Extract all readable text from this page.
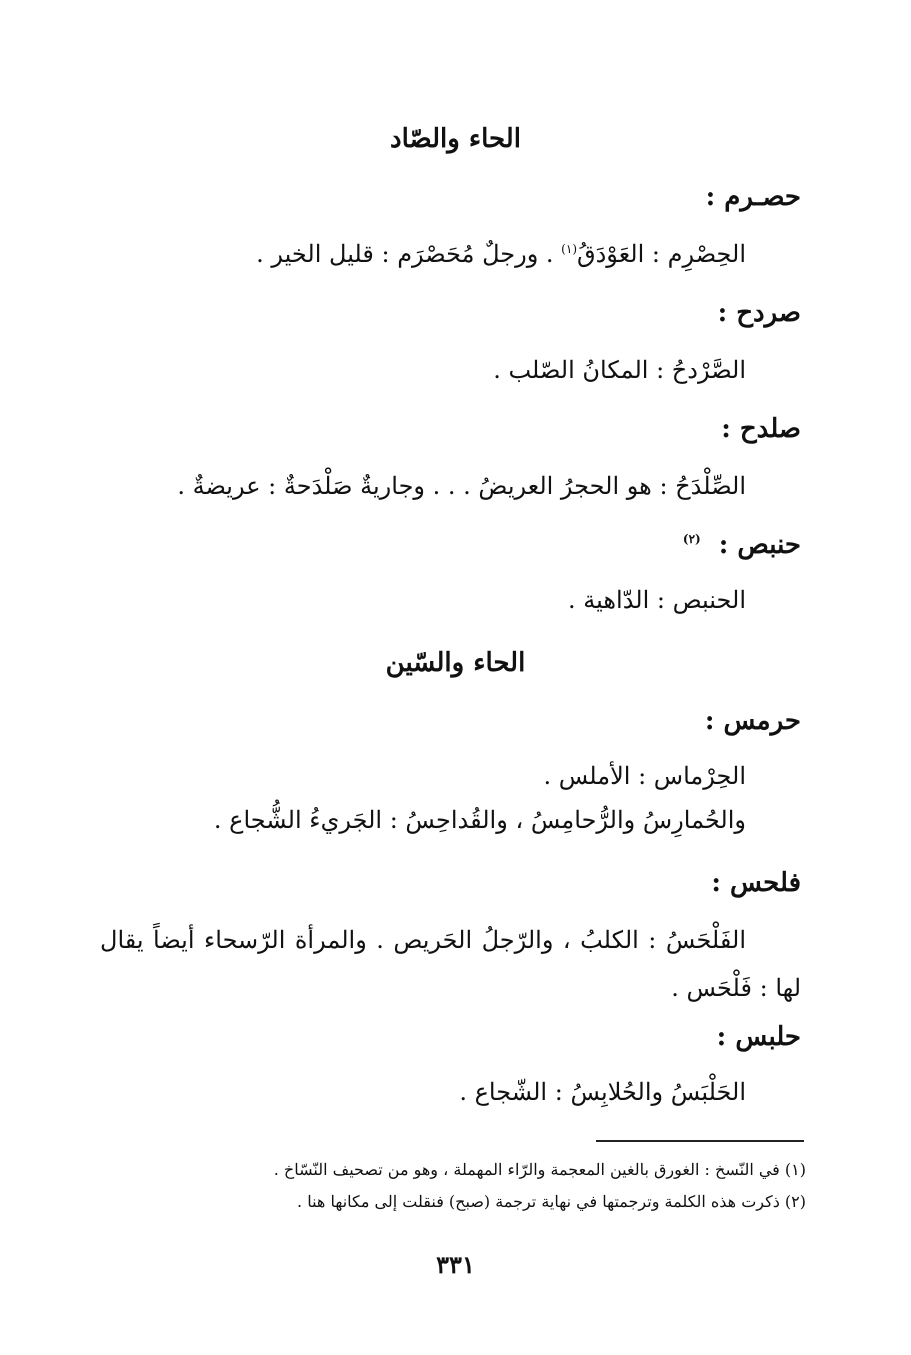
الحاء والصّاد
حصـرم :
الحِصْرِم : العَوْدَقُ$^{(١)}$ . ورجلٌ مُحَصْرَم : قليل الخير .
صردح :
الصَّرْدحُ : المكانُ الصّلب .
صلدح :
الصِّلْدَحُ : هو الحجرُ العريضُ . . . وجاريةٌ صَلْدَحةٌ : عريضةٌ .
حنبص :$^{(٢)}$
الحنبص : الدّاهية .
الحاء والسّين
حرمس :
الحِرْماس : الأملس .
والحُمارِسُ والرُّحامِسُ ، والقُداحِسُ : الجَريءُ الشُّجاع .
فلحس :
الفَلْحَسُ : الكلبُ ، والرّجلُ الحَريص . والمرأة الرّسحاء أيضاً يقال لها : فَلْحَس .
حلبس :
الحَلْبَسُ والحُلابِسُ : الشّجاع .
(١) في النّسخ : الغورق بالغين المعجمة والرّاء المهملة ، وهو من تصحيف النّسّاخ .
(٢) ذكرت هذه الكلمة وترجمتها في نهاية ترجمة (صبح) فنقلت إلى مكانها هنا .
٣٣١
